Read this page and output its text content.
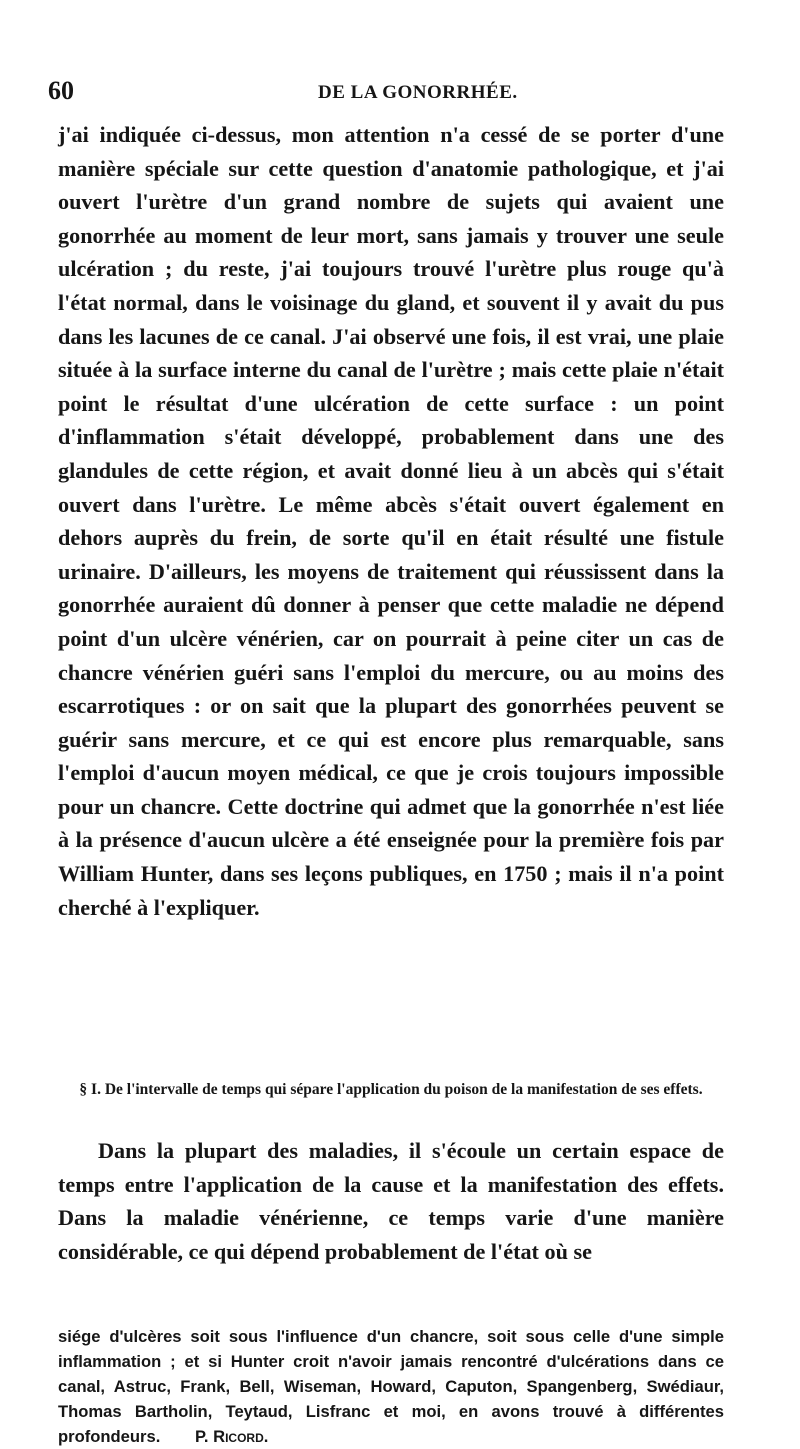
60	DE LA GONORRHÉE.

j'ai indiquée ci-dessus, mon attention n'a cessé de se porter d'une manière spéciale sur cette question d'anatomie pathologique, et j'ai ouvert l'urètre d'un grand nombre de sujets qui avaient une gonorrhée au moment de leur mort, sans jamais y trouver une seule ulcération ; du reste, j'ai toujours trouvé l'urètre plus rouge qu'à l'état normal, dans le voisinage du gland, et souvent il y avait du pus dans les lacunes de ce canal. J'ai observé une fois, il est vrai, une plaie située à la surface interne du canal de l'urètre ; mais cette plaie n'était point le résultat d'une ulcération de cette surface : un point d'inflammation s'était développé, probablement dans une des glandules de cette région, et avait donné lieu à un abcès qui s'était ouvert dans l'urètre. Le même abcès s'était ouvert également en dehors auprès du frein, de sorte qu'il en était résulté une fistule urinaire. D'ailleurs, les moyens de traitement qui réussissent dans la gonorrhée auraient dû donner à penser que cette maladie ne dépend point d'un ulcère vénérien, car on pourrait à peine citer un cas de chancre vénérien guéri sans l'emploi du mercure, ou au moins des escarrotiques : or on sait que la plupart des gonorrhées peuvent se guérir sans mercure, et ce qui est encore plus remarquable, sans l'emploi d'aucun moyen médical, ce que je crois toujours impossible pour un chancre. Cette doctrine qui admet que la gonorrhée n'est liée à la présence d'aucun ulcère a été enseignée pour la première fois par William Hunter, dans ses leçons publiques, en 1750 ; mais il n'a point cherché à l'expliquer.

§ I. De l'intervalle de temps qui sépare l'application du poison de la manifestation de ses effets.
Dans la plupart des maladies, il s'écoule un certain espace de temps entre l'application de la cause et la manifestation des effets. Dans la maladie vénérienne, ce temps varie d'une manière considérable, ce qui dépend probablement de l'état où se
siége d'ulcères soit sous l'influence d'un chancre, soit sous celle d'une simple inflammation ; et si Hunter croit n'avoir jamais rencontré d'ulcérations dans ce canal, Astruc, Frank, Bell, Wiseman, Howard, Caputon, Spangenberg, Swédiaur, Thomas Bartholin, Teytaud, Lisfranc et moi, en avons trouvé à différentes profondeurs. P. Ricord.
